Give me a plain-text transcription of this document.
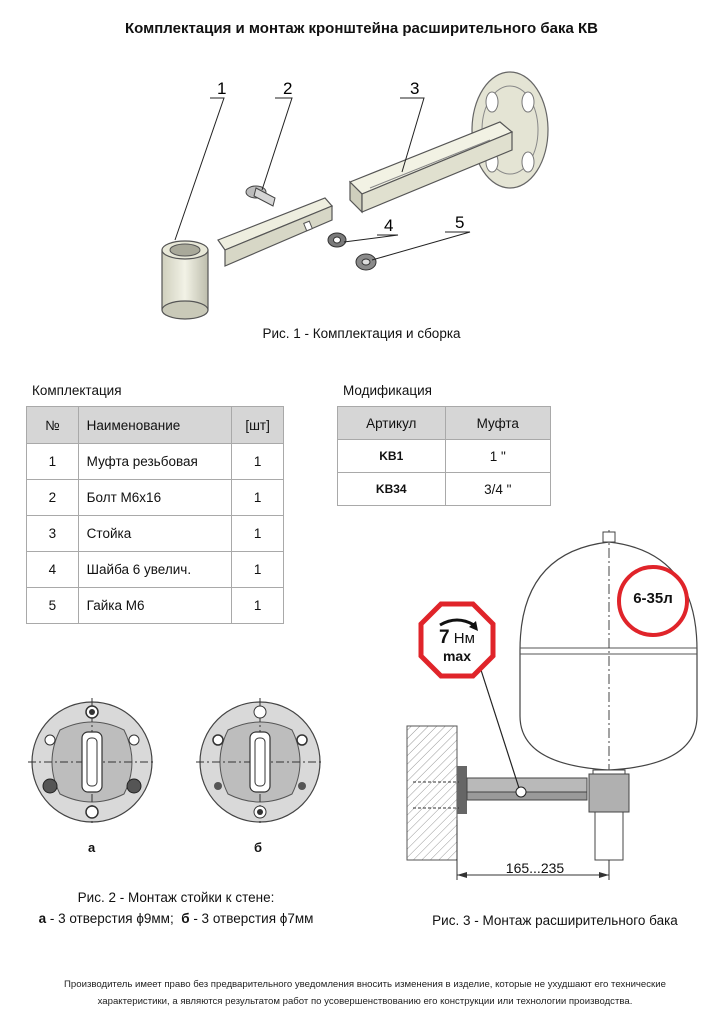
Комплектация и монтаж кронштейна расширительного бака КВ
1	2	3
4	5
Рис. 1 - Комплектация и сборка
Комплектация
№	Наименование	[шт]
1	Муфта резьбовая	1
2	Болт М6х16	1
3	Стойка	1
4	Шайба 6 увелич.	1
5	Гайка М6	1
Модификация
Артикул	Муфта
KB1	1 "
KB34	3/4 "
а	б
Рис. 2 - Монтаж стойки к стене:
а - 3 отверстия ϕ9мм; б - 3 отверстия ϕ7мм
7 Нм
max
6-35л
165...235
Рис. 3 - Монтаж расширительного бака
Производитель имеет право без предварительного уведомления вносить изменения в изделие, которые не ухудшают его технические характеристики, а являются результатом работ по усовершенствованию его конструкции или технологии производства.
